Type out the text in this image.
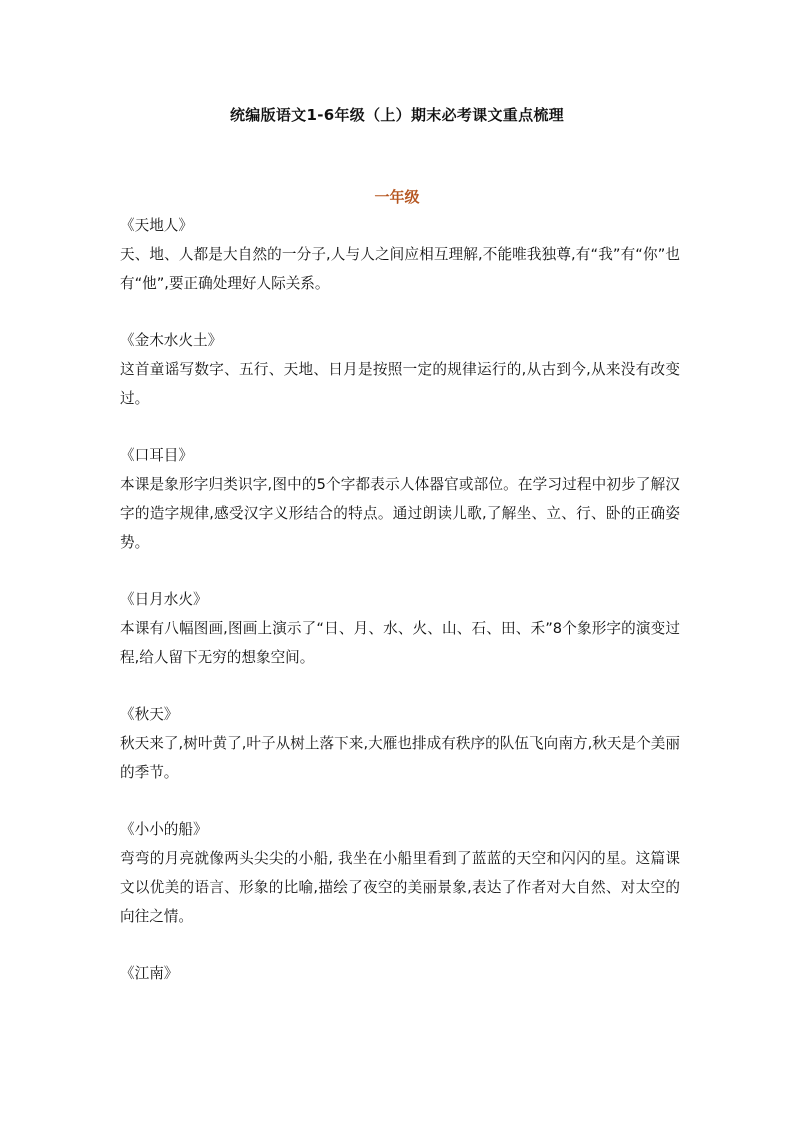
统编版语文1-6年级（上）期末必考课文重点梳理
一年级

《天地人》

天、地、人都是大自然的一分子,人与人之间应相互理解,不能唯我独尊,有“我”有“你”也有“他”,要正确处理好人际关系。

《金木水火土》

这首童谣写数字、五行、天地、日月是按照一定的规律运行的,从古到今,从来没有改变过。

《口耳目》

本课是象形字归类识字,图中的5个字都表示人体器官或部位。在学习过程中初步了解汉字的造字规律,感受汉字义形结合的特点。通过朗读儿歌,了解坐、立、行、卧的正确姿势。

《日月水火》

本课有八幅图画,图画上演示了“日、月、水、火、山、石、田、禾”8个象形字的演变过程,给人留下无穷的想象空间。

《秋天》

秋天来了,树叶黄了,叶子从树上落下来,大雁也排成有秩序的队伍飞向南方,秋天是个美丽的季节。

《小小的船》

弯弯的月亮就像两头尖尖的小船, 我坐在小船里看到了蓝蓝的天空和闪闪的星。这篇课文以优美的语言、形象的比喻,描绘了夜空的美丽景象,表达了作者对大自然、对太空的向往之情。

《江南》
